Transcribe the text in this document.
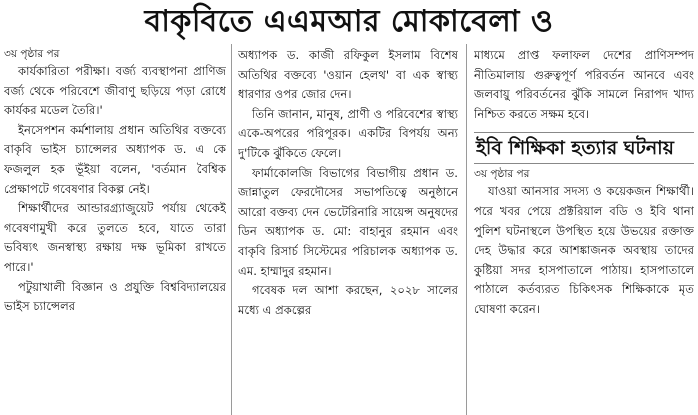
বাকৃবিতে এএমআর মোকাবেলা ও

৩য় পৃষ্ঠার পর

কার্যকারিতা পরীক্ষা। বর্জ্য ব্যবস্থাপনা প্রাণিজ বর্জ্য থেকে পরিবেশে জীবাণু ছড়িয়ে পড়া রোধে কার্যকর মডেল তৈরি।'

ইনসেপশন কর্মশালায় প্রধান অতিথির বক্তব্যে বাকৃবি ভাইস চ্যান্সেলর অধ্যাপক ড. এ কে ফজলুল হক ভূঁইয়া বলেন, 'বর্তমান বৈশ্বিক প্রেক্ষাপটে গবেষণার বিকল্প নেই।

শিক্ষার্থীদের আন্ডারগ্র্যাজুয়েট পর্যায় থেকেই গবেষণামুখী করে তুলতে হবে, যাতে তারা ভবিষ্যৎ জনস্বাস্থ্য রক্ষায় দক্ষ ভূমিকা রাখতে পারে।'

পটুয়াখালী বিজ্ঞান ও প্রযুক্তি বিশ্ববিদ্যালয়ের ভাইস চ্যান্সেলর

অধ্যাপক ড. কাজী রফিকুল ইসলাম বিশেষ অতিথির বক্তব্যে 'ওয়ান হেলথ' বা এক স্বাস্থ্য ধারণার ওপর জোর দেন।

তিনি জানান, মানুষ, প্রাণী ও পরিবেশের স্বাস্থ্য একে-অপরের পরিপূরক। একটির বিপর্যয় অন্য দু'টিকে ঝুঁকিতে ফেলে।

ফার্মাকোলজি বিভাগের বিভাগীয় প্রধান ড. জান্নাতুল ফেরদৌসের সভাপতিত্বে অনুষ্ঠানে আরো বক্তব্য দেন ভেটেরিনারি সায়েন্স অনুষদের ডিন অধ্যাপক ড. মো: বাহানুর রহমান এবং বাকৃবি রিসার্চ সিস্টেমের পরিচালক অধ্যাপক ড. এম. হাম্মাদুর রহমান।

গবেষক দল আশা করছেন, ২০২৮ সালের মধ্যে এ প্রকল্পের

মাধ্যমে প্রাপ্ত ফলাফল দেশের প্রাণিসম্পদ নীতিমালায় গুরুত্বপূর্ণ পরিবর্তন আনবে এবং জলবায়ু পরিবর্তনের ঝুঁকি সামলে নিরাপদ খাদ্য নিশ্চিত করতে সক্ষম হবে।

ইবি শিক্ষিকা হত্যার ঘটনায়

৩য় পৃষ্ঠার পর

যাওয়া আনসার সদস্য ও কয়েকজন শিক্ষার্থী। পরে খবর পেয়ে প্রক্টরিয়াল বডি ও ইবি থানা পুলিশ ঘটনাস্থলে উপস্থিত হয়ে উভয়ের রক্তাক্ত দেহ উদ্ধার করে আশঙ্কাজনক অবস্থায় তাদের কুষ্টিয়া সদর হাসপাতালে পাঠায়। হাসপাতালে পাঠালে কর্তব্যরত চিকিৎসক শিক্ষিকাকে মৃত ঘোষণা করেন।
